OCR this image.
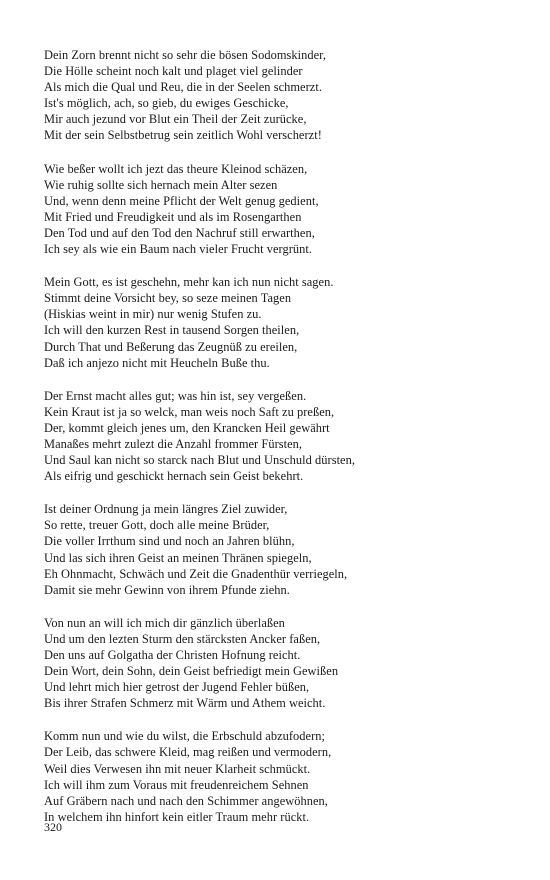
Dein Zorn brennt nicht so sehr die bösen Sodomskinder,
Die Hölle scheint noch kalt und plaget viel gelinder
Als mich die Qual und Reu, die in der Seelen schmerzt.
Ist's möglich, ach, so gieb, du ewiges Geschicke,
Mir auch jezund vor Blut ein Theil der Zeit zurücke,
Mit der sein Selbstbetrug sein zeitlich Wohl verscherzt!
Wie beßer wollt ich jezt das theure Kleinod schäzen,
Wie ruhig sollte sich hernach mein Alter sezen
Und, wenn denn meine Pflicht der Welt genug gedient,
Mit Fried und Freudigkeit und als im Rosengarthen
Den Tod und auf den Tod den Nachruf still erwarthen,
Ich sey als wie ein Baum nach vieler Frucht vergrünt.
Mein Gott, es ist geschehn, mehr kan ich nun nicht sagen.
Stimmt deine Vorsicht bey, so seze meinen Tagen
(Hiskias weint in mir) nur wenig Stufen zu.
Ich will den kurzen Rest in tausend Sorgen theilen,
Durch That und Beßerung das Zeugnüß zu ereilen,
Daß ich anjezo nicht mit Heucheln Buße thu.
Der Ernst macht alles gut; was hin ist, sey vergeßen.
Kein Kraut ist ja so welck, man weis noch Saft zu preßen,
Der, kommt gleich jenes um, den Krancken Heil gewährt
Manaßes mehrt zulezt die Anzahl frommer Fürsten,
Und Saul kan nicht so starck nach Blut und Unschuld dürsten,
Als eifrig und geschickt hernach sein Geist bekehrt.
Ist deiner Ordnung ja mein längres Ziel zuwider,
So rette, treuer Gott, doch alle meine Brüder,
Die voller Irrthum sind und noch an Jahren blühn,
Und las sich ihren Geist an meinen Thränen spiegeln,
Eh Ohnmacht, Schwäch und Zeit die Gnadenthür verriegeln,
Damit sie mehr Gewinn von ihrem Pfunde ziehn.
Von nun an will ich mich dir gänzlich überlaßen
Und um den lezten Sturm den stärcksten Ancker faßen,
Den uns auf Golgatha der Christen Hofnung reicht.
Dein Wort, dein Sohn, dein Geist befriedigt mein Gewißen
Und lehrt mich hier getrost der Jugend Fehler büßen,
Bis ihrer Strafen Schmerz mit Wärm und Athem weicht.
Komm nun und wie du wilst, die Erbschuld abzufodern;
Der Leib, das schwere Kleid, mag reißen und vermodern,
Weil dies Verwesen ihn mit neuer Klarheit schmückt.
Ich will ihm zum Voraus mit freudenreichem Sehnen
Auf Gräbern nach und nach den Schimmer angewöhnen,
In welchem ihn hinfort kein eitler Traum mehr rückt.
320
